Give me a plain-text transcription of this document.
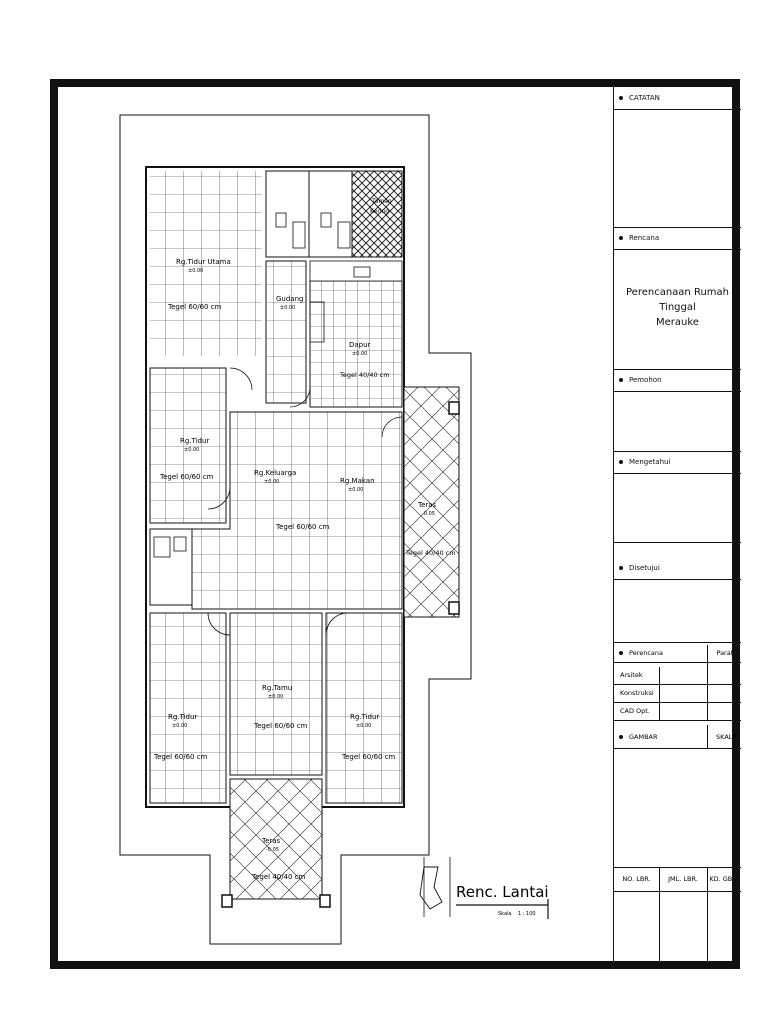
Rg.Tidur Utama
±0.00
Tegel 60/60 cm
Gudang
±0.00
Dapur
±0.00
Tegel 40/40 cm
Taman
Kering
Rg.Tidur
±0.00
Tegel 60/60 cm	Rg.Keluarga
±0.00	Rg.Makan
±0.00
Tegel 60/60 cm
Teras
-0.05
Tegel 40/40 cm
Rg.Tamu
±0.00
Tegel 60/60 cm
Rg.Tidur
±0.00
Tegel 60/60 cm
Rg.Tidur
±0.00
Tegel 60/60 cm
Teras
-0.05
Tegel 40/40 cm
Renc. Lantai
Skala 1 : 100
CATATAN
Rencana
Perencanaan Rumah Tinggal
Merauke
Pemohon
Mengetahui
Disetujui
Perencana	Paraf
Arsitek
Konstruksi
CAD Opt.
GAMBAR	SKALA
NO. LBR.	JML. LBR.	KD. GBR.
